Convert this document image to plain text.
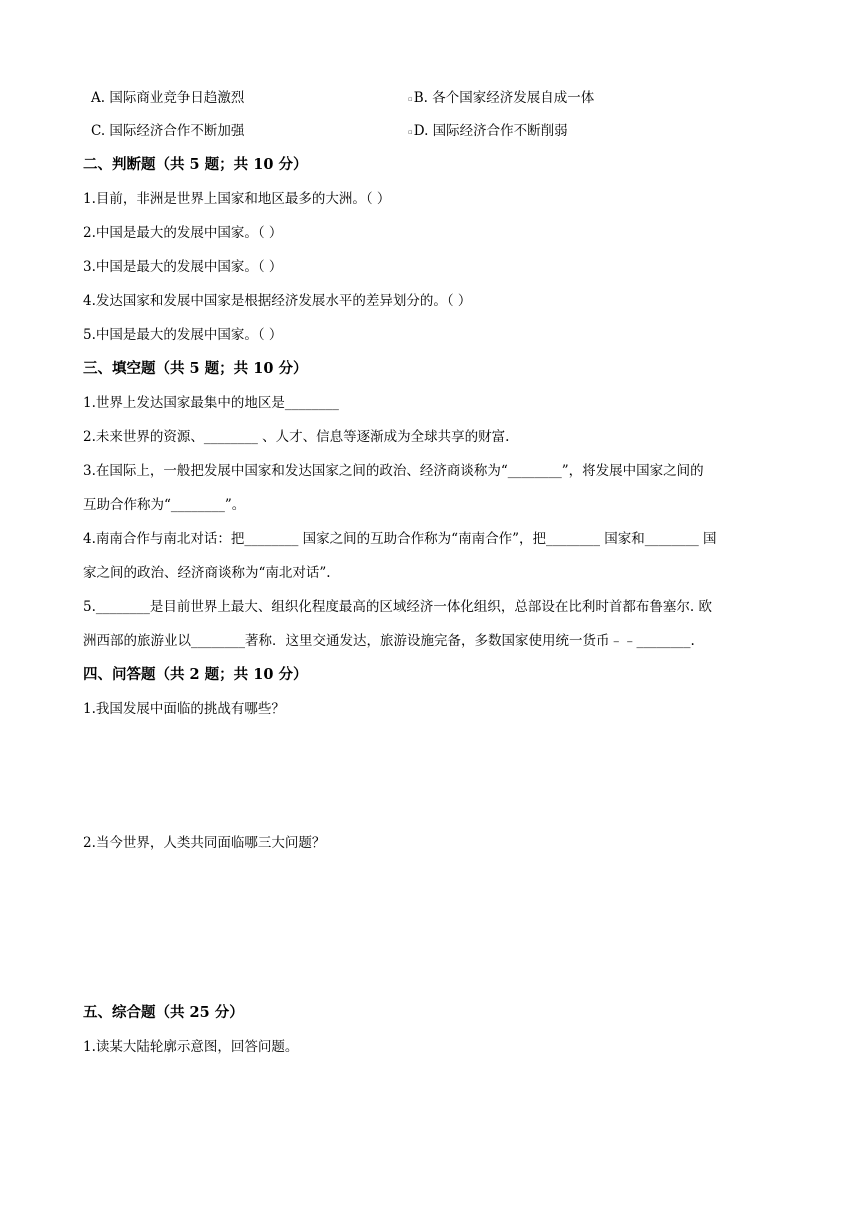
A. 国际商业竞争日趋激烈	▫B. 各个国家经济发展自成一体
C. 国际经济合作不断加强	▫D. 国际经济合作不断削弱
二、判断题（共 5 题；共 10 分）
1.目前，非洲是世界上国家和地区最多的大洲。（ ）
2.中国是最大的发展中国家。（ ）
3.中国是最大的发展中国家。（ ）
4.发达国家和发展中国家是根据经济发展水平的差异划分的。（ ）
5.中国是最大的发展中国家。（ ）
三、填空题（共 5 题；共 10 分）
1.世界上发达国家最集中的地区是________
2.未来世界的资源、________ 、人才、信息等逐渐成为全球共享的财富.
3.在国际上，一般把发展中国家和发达国家之间的政治、经济商谈称为“________”，将发展中国家之间的
互助合作称为“________”。
4.南南合作与南北对话：把________ 国家之间的互助合作称为“南南合作”，把________ 国家和________ 国
家之间的政治、经济商谈称为“南北对话”.
5.________是目前世界上最大、组织化程度最高的区域经济一体化组织，总部设在比利时首都布鲁塞尔. 欧
洲西部的旅游业以________著称．这里交通发达，旅游设施完备，多数国家使用统一货币﹣﹣________.
四、问答题（共 2 题；共 10 分）
1.我国发展中面临的挑战有哪些？
2.当今世界，人类共同面临哪三大问题？
五、综合题（共 25 分）
1.读某大陆轮廓示意图，回答问题。
